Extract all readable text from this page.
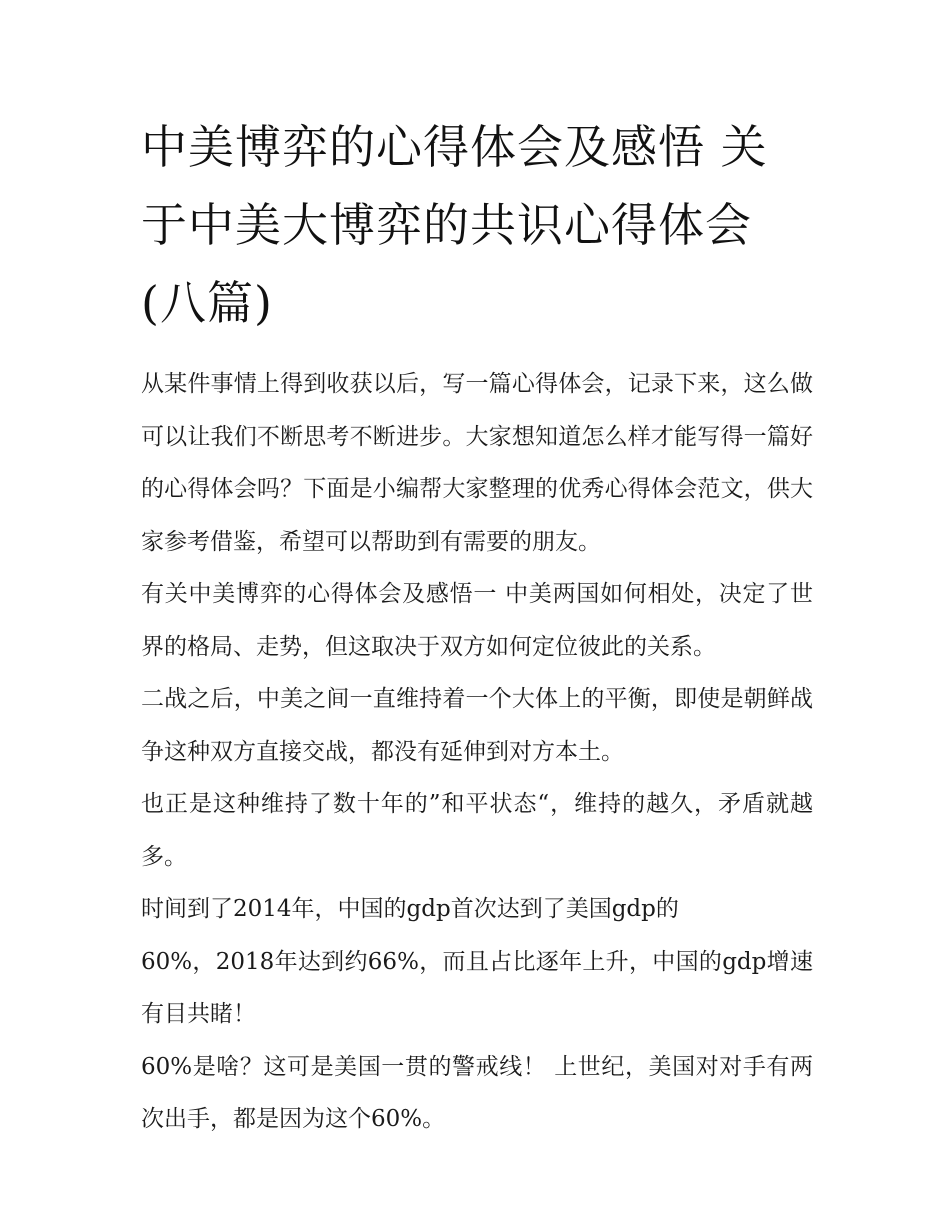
中美博弈的心得体会及感悟 关于中美大博弈的共识心得体会(八篇)

从某件事情上得到收获以后，写一篇心得体会，记录下来，这么做可以让我们不断思考不断进步。大家想知道怎么样才能写得一篇好的心得体会吗？下面是小编帮大家整理的优秀心得体会范文，供大家参考借鉴，希望可以帮助到有需要的朋友。

有关中美博弈的心得体会及感悟一 中美两国如何相处，决定了世界的格局、走势，但这取决于双方如何定位彼此的关系。

二战之后，中美之间一直维持着一个大体上的平衡，即使是朝鲜战争这种双方直接交战，都没有延伸到对方本土。

也正是这种维持了数十年的”和平状态“，维持的越久，矛盾就越多。

时间到了2014年，中国的gdp首次达到了美国gdp的

60%，2018年达到约66%，而且占比逐年上升，中国的gdp增速有目共睹！

60%是啥？这可是美国一贯的警戒线！ 上世纪，美国对对手有两次出手，都是因为这个60%。
